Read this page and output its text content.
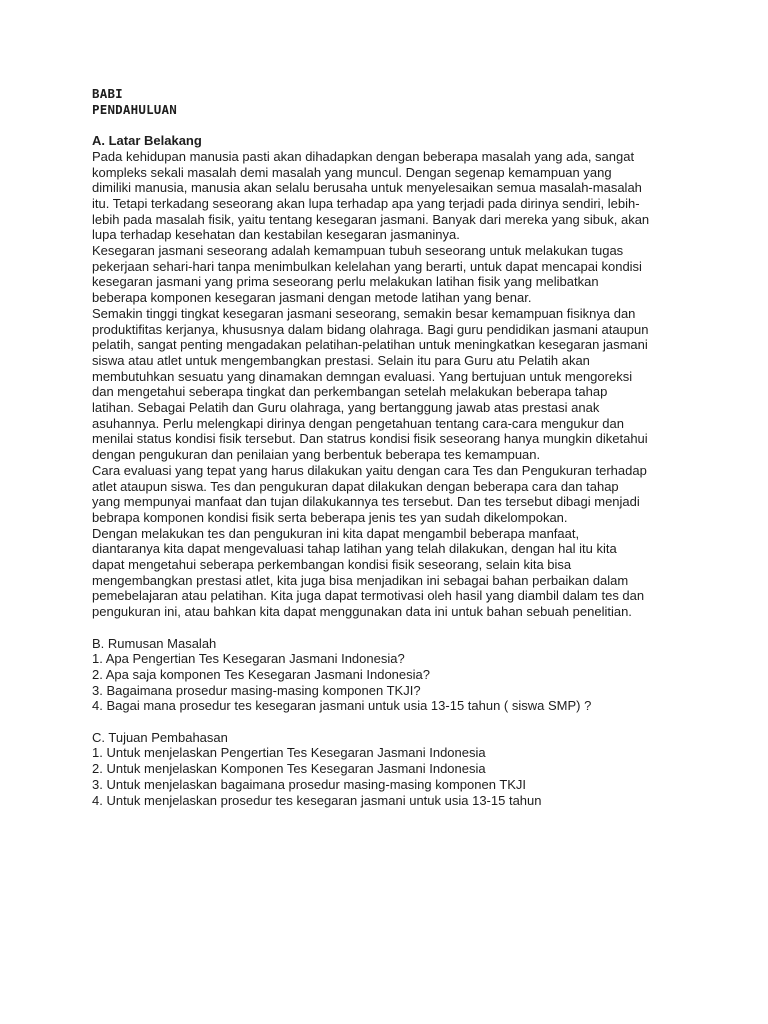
BABI
PENDAHULUAN
A. Latar Belakang

Pada kehidupan manusia pasti akan dihadapkan dengan beberapa masalah yang ada, sangat
kompleks sekali masalah demi masalah yang muncul. Dengan segenap kemampuan yang
dimiliki manusia, manusia akan selalu berusaha untuk menyelesaikan semua masalah-masalah
itu. Tetapi terkadang seseorang akan lupa terhadap apa yang terjadi pada dirinya sendiri, lebih-
lebih pada masalah fisik, yaitu tentang kesegaran jasmani. Banyak dari mereka yang sibuk, akan
lupa terhadap kesehatan dan kestabilan kesegaran jasmaninya.

Kesegaran jasmani seseorang adalah kemampuan tubuh seseorang untuk melakukan tugas
pekerjaan sehari-hari tanpa menimbulkan kelelahan yang berarti, untuk dapat mencapai kondisi
kesegaran jasmani yang prima seseorang perlu melakukan latihan fisik yang melibatkan
beberapa komponen kesegaran jasmani dengan metode latihan yang benar.

Semakin tinggi tingkat kesegaran jasmani seseorang, semakin besar kemampuan fisiknya dan
produktifitas kerjanya, khususnya dalam bidang olahraga. Bagi guru pendidikan jasmani ataupun
pelatih, sangat penting mengadakan pelatihan-pelatihan untuk meningkatkan kesegaran jasmani
siswa atau atlet untuk mengembangkan prestasi. Selain itu para Guru atu Pelatih akan
membutuhkan sesuatu yang dinamakan demngan evaluasi. Yang bertujuan untuk mengoreksi
dan mengetahui seberapa tingkat dan perkembangan setelah melakukan beberapa tahap
latihan. Sebagai Pelatih dan Guru olahraga, yang bertanggung jawab atas prestasi anak
asuhannya. Perlu melengkapi dirinya dengan pengetahuan tentang cara-cara mengukur dan
menilai status kondisi fisik tersebut. Dan statrus kondisi fisik seseorang hanya mungkin diketahui
dengan pengukuran dan penilaian yang berbentuk beberapa tes kemampuan.

Cara evaluasi yang tepat yang harus dilakukan yaitu dengan cara Tes dan Pengukuran terhadap
atlet ataupun siswa. Tes dan pengukuran dapat dilakukan dengan beberapa cara dan tahap
yang mempunyai manfaat dan tujan dilakukannya tes tersebut. Dan tes tersebut dibagi menjadi
bebrapa komponen kondisi fisik serta beberapa jenis tes yan sudah dikelompokan.

Dengan melakukan tes dan pengukuran ini kita dapat mengambil beberapa manfaat,
diantaranya kita dapat mengevaluasi tahap latihan yang telah dilakukan, dengan hal itu kita
dapat mengetahui seberapa perkembangan kondisi fisik seseorang, selain kita bisa
mengembangkan prestasi atlet, kita juga bisa menjadikan ini sebagai bahan perbaikan dalam
pemebelajaran atau pelatihan. Kita juga dapat termotivasi oleh hasil yang diambil dalam tes dan
pengukuran ini, atau bahkan kita dapat menggunakan data ini untuk bahan sebuah penelitian.

B. Rumusan Masalah
1. Apa Pengertian Tes Kesegaran Jasmani Indonesia?
2. Apa saja komponen Tes Kesegaran Jasmani Indonesia?
3. Bagaimana prosedur masing-masing komponen TKJI?
4. Bagai mana prosedur tes kesegaran jasmani untuk usia 13-15 tahun ( siswa SMP) ?
C. Tujuan Pembahasan
1. Untuk menjelaskan Pengertian Tes Kesegaran Jasmani Indonesia
2. Untuk menjelaskan Komponen Tes Kesegaran Jasmani Indonesia
3. Untuk menjelaskan bagaimana prosedur masing-masing komponen TKJI
4. Untuk menjelaskan prosedur tes kesegaran jasmani untuk usia 13-15 tahun
